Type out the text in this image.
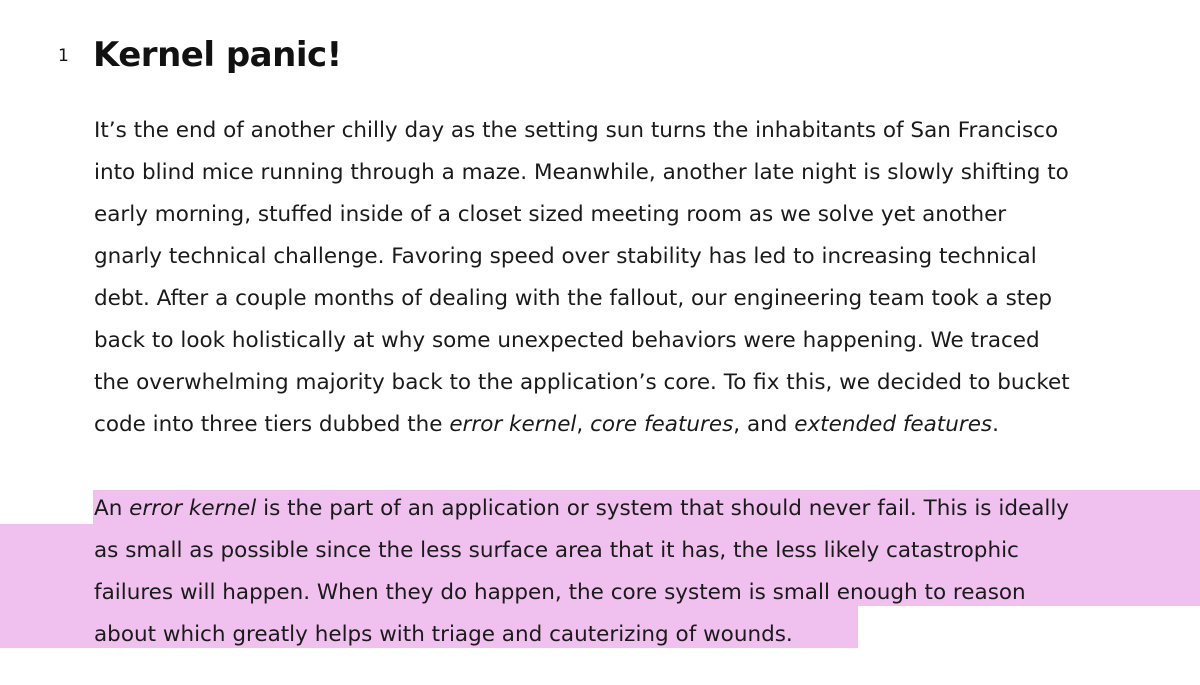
1 Kernel panic!

It’s the end of another chilly day as the setting sun turns the inhabitants of San Francisco
into blind mice running through a maze. Meanwhile, another late night is slowly shifting to
early morning, stuffed inside of a closet sized meeting room as we solve yet another
gnarly technical challenge. Favoring speed over stability has led to increasing technical
debt. After a couple months of dealing with the fallout, our engineering team took a step
back to look holistically at why some unexpected behaviors were happening. We traced
the overwhelming majority back to the application’s core. To fix this, we decided to bucket
code into three tiers dubbed the error kernel, core features, and extended features.

An error kernel is the part of an application or system that should never fail. This is ideally
as small as possible since the less surface area that it has, the less likely catastrophic
failures will happen. When they do happen, the core system is small enough to reason
about which greatly helps with triage and cauterizing of wounds.
